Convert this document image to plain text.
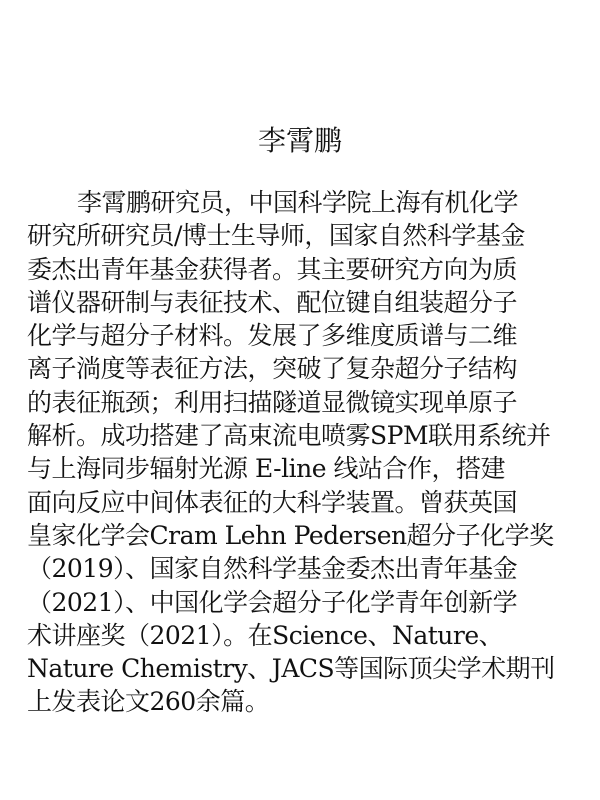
李霄鹏
李霄鹏研究员，中国科学院上海有机化学
研究所研究员/博士生导师，国家自然科学基金
委杰出青年基金获得者。其主要研究方向为质
谱仪器研制与表征技术、配位键自组装超分子
化学与超分子材料。发展了多维度质谱与二维
离子淌度等表征方法，突破了复杂超分子结构
的表征瓶颈；利用扫描隧道显微镜实现单原子
解析。成功搭建了高束流电喷雾SPM联用系统并
与上海同步辐射光源 E-line 线站合作，搭建
面向反应中间体表征的大科学装置。曾获英国
皇家化学会Cram Lehn Pedersen超分子化学奖
（2019）、国家自然科学基金委杰出青年基金
（2021）、中国化学会超分子化学青年创新学
术讲座奖（2021）。在Science、Nature、
Nature Chemistry、JACS等国际顶尖学术期刊
上发表论文260余篇。
